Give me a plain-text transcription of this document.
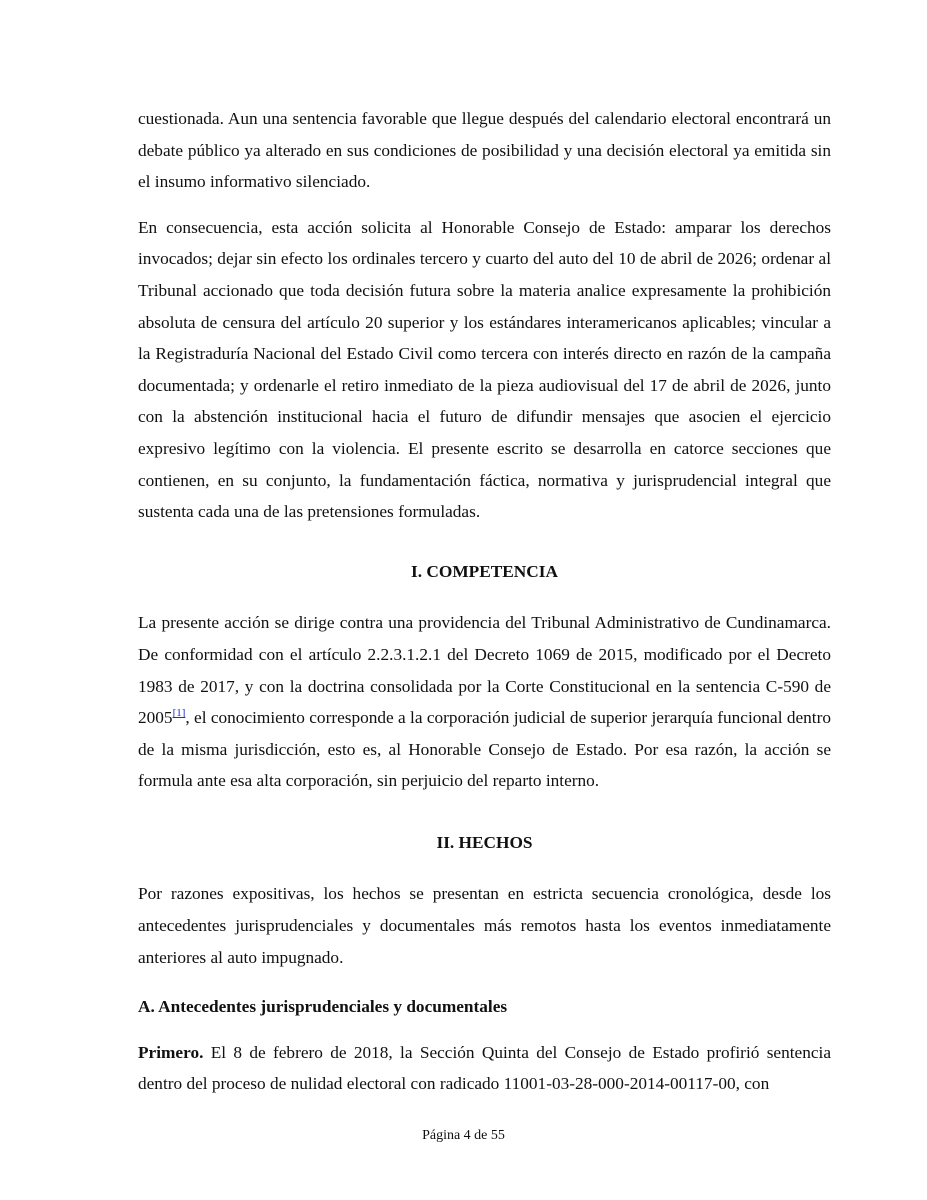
cuestionada. Aun una sentencia favorable que llegue después del calendario electoral encontrará un debate público ya alterado en sus condiciones de posibilidad y una decisión electoral ya emitida sin el insumo informativo silenciado.

En consecuencia, esta acción solicita al Honorable Consejo de Estado: amparar los derechos invocados; dejar sin efecto los ordinales tercero y cuarto del auto del 10 de abril de 2026; ordenar al Tribunal accionado que toda decisión futura sobre la materia analice expresamente la prohibición absoluta de censura del artículo 20 superior y los estándares interamericanos aplicables; vincular a la Registraduría Nacional del Estado Civil como tercera con interés directo en razón de la campaña documentada; y ordenarle el retiro inmediato de la pieza audiovisual del 17 de abril de 2026, junto con la abstención institucional hacia el futuro de difundir mensajes que asocien el ejercicio expresivo legítimo con la violencia. El presente escrito se desarrolla en catorce secciones que contienen, en su conjunto, la fundamentación fáctica, normativa y jurisprudencial integral que sustenta cada una de las pretensiones formuladas.

I. COMPETENCIA

La presente acción se dirige contra una providencia del Tribunal Administrativo de Cundinamarca. De conformidad con el artículo 2.2.3.1.2.1 del Decreto 1069 de 2015, modificado por el Decreto 1983 de 2017, y con la doctrina consolidada por la Corte Constitucional en la sentencia C-590 de 2005[1], el conocimiento corresponde a la corporación judicial de superior jerarquía funcional dentro de la misma jurisdicción, esto es, al Honorable Consejo de Estado. Por esa razón, la acción se formula ante esa alta corporación, sin perjuicio del reparto interno.

II. HECHOS

Por razones expositivas, los hechos se presentan en estricta secuencia cronológica, desde los antecedentes jurisprudenciales y documentales más remotos hasta los eventos inmediatamente anteriores al auto impugnado.

A. Antecedentes jurisprudenciales y documentales

Primero. El 8 de febrero de 2018, la Sección Quinta del Consejo de Estado profirió sentencia dentro del proceso de nulidad electoral con radicado 11001-03-28-000-2014-00117-00, con

Página 4 de 55
